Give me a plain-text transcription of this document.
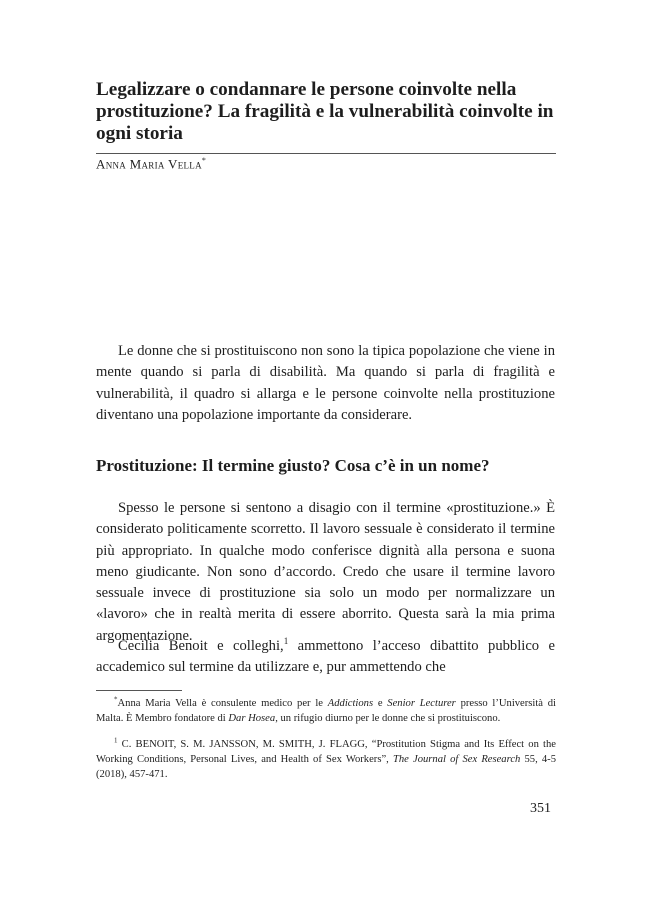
Legalizzare o condannare le persone coinvolte nella prostituzione? La fragilità e la vulnerabilità coinvolte in ogni storia

Anna Maria Vella*

Le donne che si prostituiscono non sono la tipica popolazione che viene in mente quando si parla di disabilità. Ma quando si parla di fragilità e vulnerabilità, il quadro si allarga e le persone coinvolte nella prostituzione diventano una popolazione importante da considerare.

Prostituzione: Il termine giusto? Cosa c’è in un nome?

Spesso le persone si sentono a disagio con il termine «prostituzione.» È considerato politicamente scorretto. Il lavoro sessuale è considerato il termine più appropriato. In qualche modo conferisce dignità alla persona e suona meno giudicante. Non sono d’accordo. Credo che usare il termine lavoro sessuale invece di prostituzione sia solo un modo per normalizzare un «lavoro» che in realtà merita di essere aborrito. Questa sarà la mia prima argomentazione.

Cecilia Benoit e colleghi,$^1$ ammettono l’acceso dibattito pubblico e accademico sul termine da utilizzare e, pur ammettendo che

*Anna Maria Vella è consulente medico per le Addictions e Senior Lecturer presso l’Università di Malta. È Membro fondatore di Dar Hosea, un rifugio diurno per le donne che si prostituiscono.

$^1$ C. BENOIT, S. M. JANSSON, M. SMITH, J. FLAGG, “Prostitution Stigma and Its Effect on the Working Conditions, Personal Lives, and Health of Sex Workers”, The Journal of Sex Research 55, 4-5 (2018), 457-471.

351
